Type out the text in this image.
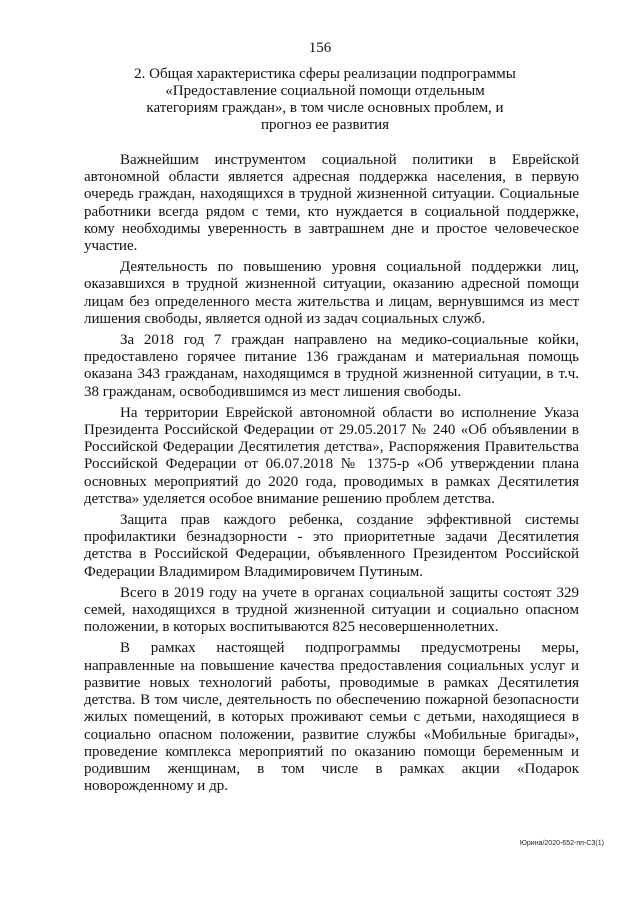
156
2. Общая характеристика сферы реализации подпрограммы «Предоставление социальной помощи отдельным категориям граждан», в том числе основных проблем, и прогноз ее развития

Важнейшим инструментом социальной политики в Еврейской автономной области является адресная поддержка населения, в первую очередь граждан, находящихся в трудной жизненной ситуации. Социальные работники всегда рядом с теми, кто нуждается в социальной поддержке, кому необходимы уверенность в завтрашнем дне и простое человеческое участие.

Деятельность по повышению уровня социальной поддержки лиц, оказавшихся в трудной жизненной ситуации, оказанию адресной помощи лицам без определенного места жительства и лицам, вернувшимся из мест лишения свободы, является одной из задач социальных служб.

За 2018 год 7 граждан направлено на медико-социальные койки, предоставлено горячее питание 136 гражданам и материальная помощь оказана 343 гражданам, находящимся в трудной жизненной ситуации, в т.ч. 38 гражданам, освободившимся из мест лишения свободы.

На территории Еврейской автономной области во исполнение Указа Президента Российской Федерации от 29.05.2017 № 240 «Об объявлении в Российской Федерации Десятилетия детства», Распоряжения Правительства Российской Федерации от 06.07.2018 № 1375-р «Об утверждении плана основных мероприятий до 2020 года, проводимых в рамках Десятилетия детства» уделяется особое внимание решению проблем детства.

Защита прав каждого ребенка, создание эффективной системы профилактики безнадзорности - это приоритетные задачи Десятилетия детства в Российской Федерации, объявленного Президентом Российской Федерации Владимиром Владимировичем Путиным.

Всего в 2019 году на учете в органах социальной защиты состоят 329 семей, находящихся в трудной жизненной ситуации и социально опасном положении, в которых воспитываются 825 несовершеннолетних.

В рамках настоящей подпрограммы предусмотрены меры, направленные на повышение качества предоставления социальных услуг и развитие новых технологий работы, проводимые в рамках Десятилетия детства. В том числе, деятельность по обеспечению пожарной безопасности жилых помещений, в которых проживают семьи с детьми, находящиеся в социально опасном положении, развитие службы «Мобильные бригады», проведение комплекса мероприятий по оказанию помощи беременным и родившим женщинам, в том числе в рамках акции «Подарок новорожденному и др.

Юрина/2020-652-пп-СЗ(1)
